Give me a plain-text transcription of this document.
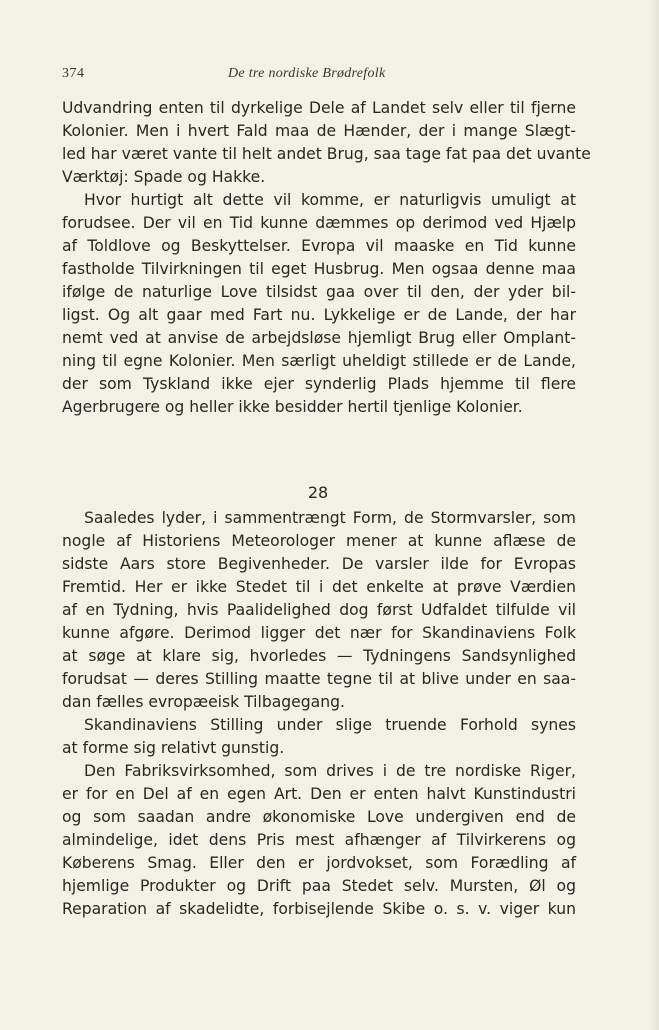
374	De tre nordiske Brødrefolk
Udvandring enten til dyrkelige Dele af Landet selv eller til fjerne
Kolonier. Men i hvert Fald maa de Hænder, der i mange Slægt-
led har været vante til helt andet Brug, saa tage fat paa det uvante
Værktøj: Spade og Hakke.
Hvor hurtigt alt dette vil komme, er naturligvis umuligt at
forudsee. Der vil en Tid kunne dæmmes op derimod ved Hjælp
af Toldlove og Beskyttelser. Evropa vil maaske en Tid kunne
fastholde Tilvirkningen til eget Husbrug. Men ogsaa denne maa
ifølge de naturlige Love tilsidst gaa over til den, der yder bil-
ligst. Og alt gaar med Fart nu. Lykkelige er de Lande, der har
nemt ved at anvise de arbejdsløse hjemligt Brug eller Omplant-
ning til egne Kolonier. Men særligt uheldigt stillede er de Lande,
der som Tyskland ikke ejer synderlig Plads hjemme til flere
Agerbrugere og heller ikke besidder hertil tjenlige Kolonier.
28
Saaledes lyder, i sammentrængt Form, de Stormvarsler, som
nogle af Historiens Meteorologer mener at kunne aflæse de
sidste Aars store Begivenheder. De varsler ilde for Evropas
Fremtid. Her er ikke Stedet til i det enkelte at prøve Værdien
af en Tydning, hvis Paalidelighed dog først Udfaldet tilfulde vil
kunne afgøre. Derimod ligger det nær for Skandinaviens Folk
at søge at klare sig, hvorledes — Tydningens Sandsynlighed
forudsat — deres Stilling maatte tegne til at blive under en saa-
dan fælles evropæeisk Tilbagegang.
Skandinaviens Stilling under slige truende Forhold synes
at forme sig relativt gunstig.
Den Fabriksvirksomhed, som drives i de tre nordiske Riger,
er for en Del af en egen Art. Den er enten halvt Kunstindustri
og som saadan andre økonomiske Love undergiven end de
almindelige, idet dens Pris mest afhænger af Tilvirkerens og
Køberens Smag. Eller den er jordvokset, som Forædling af
hjemlige Produkter og Drift paa Stedet selv. Mursten, Øl og
Reparation af skadelidte, forbisejlende Skibe o. s. v. viger kun
